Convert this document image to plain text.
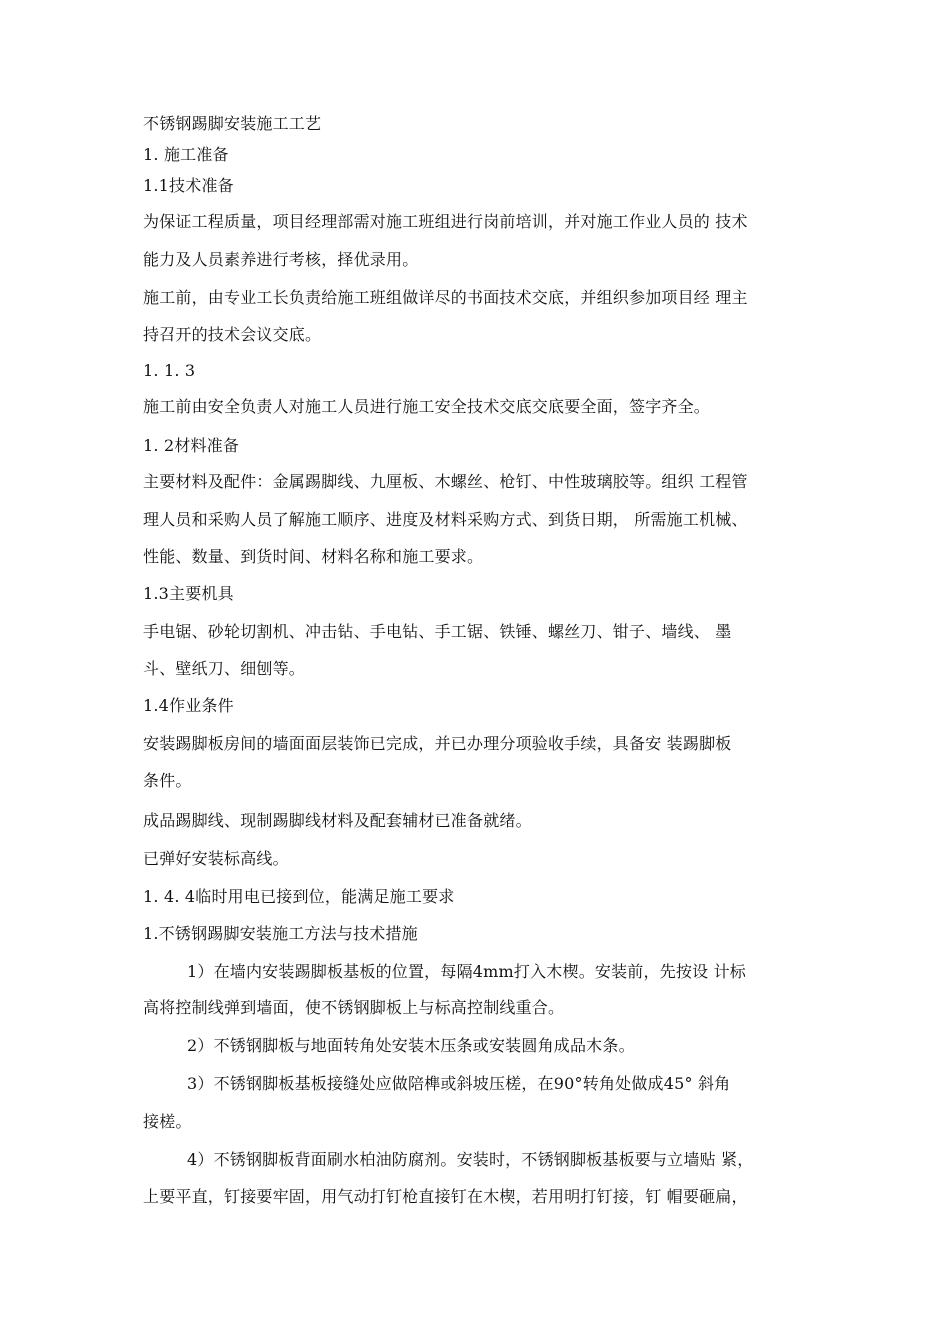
不锈钢踢脚安装施工工艺
1. 施工准备
1.1技术准备
为保证工程质量，项目经理部需对施工班组进行岗前培训，并对施工作业人员的 技术
能力及人员素养进行考核，择优录用。
施工前，由专业工长负责给施工班组做详尽的书面技术交底，并组织参加项目经 理主
持召开的技术会议交底。
1. 1. 3
施工前由安全负责人对施工人员进行施工安全技术交底交底要全面，签字齐全。
1. 2材料准备
主要材料及配件：金属踢脚线、九厘板、木螺丝、枪钉、中性玻璃胶等。组织 工程管
理人员和采购人员了解施工顺序、进度及材料采购方式、到货日期， 所需施工机械、
性能、数量、到货时间、材料名称和施工要求。
1.3主要机具
手电锯、砂轮切割机、冲击钻、手电钻、手工锯、铁锤、螺丝刀、钳子、墙线、 墨
斗、壁纸刀、细刨等。
1.4作业条件
安装踢脚板房间的墙面面层装饰已完成，并已办理分项验收手续，具备安 装踢脚板
条件。
成品踢脚线、现制踢脚线材料及配套辅材已准备就绪。
已弹好安装标高线。
1. 4. 4临时用电已接到位，能满足施工要求
1.不锈钢踢脚安装施工方法与技术措施
1）在墙内安装踢脚板基板的位置，每隔4mm打入木楔。安装前，先按设 计标
高将控制线弹到墙面，使不锈钢脚板上与标高控制线重合。
2）不锈钢脚板与地面转角处安装木压条或安装圆角成品木条。
3）不锈钢脚板基板接缝处应做陪榫或斜坡压槎，在90°转角处做成45° 斜角
接槎。
4）不锈钢脚板背面刷水柏油防腐剂。安装时，不锈钢脚板基板要与立墙贴 紧，
上要平直，钉接要牢固，用气动打钉枪直接钉在木楔，若用明打钉接，钉 帽要砸扁，
